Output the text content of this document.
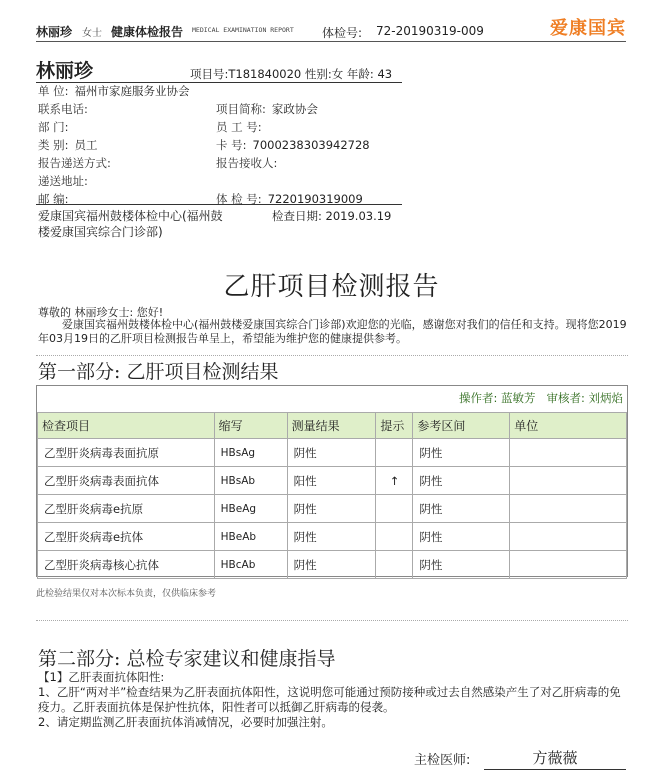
林丽珍 女士 健康体检报告 MEDICAL EXAMINATION REPORT 体检号: 72-20190319-009	爱康国宾
林丽珍	项目号:T181840020 性别:女 年龄: 43
单 位: 福州市家庭服务业协会
联系电话:	项目简称: 家政协会
部 门:	员 工 号:
类 别: 员工	卡 号: 7000238303942728
报告递送方式:	报告接收人:
递送地址:
邮 编:	体 检 号: 7220190319009
爱康国宾福州鼓楼体检中心(福州鼓楼爱康国宾综合门诊部)
检查日期: 2019.03.19
乙肝项目检测报告
尊敬的 林丽珍女士: 您好!
爱康国宾福州鼓楼体检中心(福州鼓楼爱康国宾综合门诊部)欢迎您的光临，感谢您对我们的信任和支持。现将您2019年03月19日的乙肝项目检测报告单呈上，希望能为维护您的健康提供参考。
第一部分: 乙肝项目检测结果
操作者: 蓝敏芳 审核者: 刘炳焰
检查项目	缩写	测量结果	提示	参考区间	单位
乙型肝炎病毒表面抗原	HBsAg	阴性		阴性	
乙型肝炎病毒表面抗体	HBsAb	阳性	↑	阴性	
乙型肝炎病毒e抗原	HBeAg	阴性		阴性	
乙型肝炎病毒e抗体	HBeAb	阴性		阴性	
乙型肝炎病毒核心抗体	HBcAb	阴性		阴性	
此检验结果仅对本次标本负责，仅供临床参考
第二部分: 总检专家建议和健康指导
【1】乙肝表面抗体阳性:
1、乙肝“两对半”检查结果为乙肝表面抗体阳性，这说明您可能通过预防接种或过去自然感染产生了对乙肝病毒的免疫力。乙肝表面抗体是保护性抗体，阳性者可以抵御乙肝病毒的侵袭。
2、请定期监测乙肝表面抗体消减情况，必要时加强注射。
主检医师:	方薇薇
